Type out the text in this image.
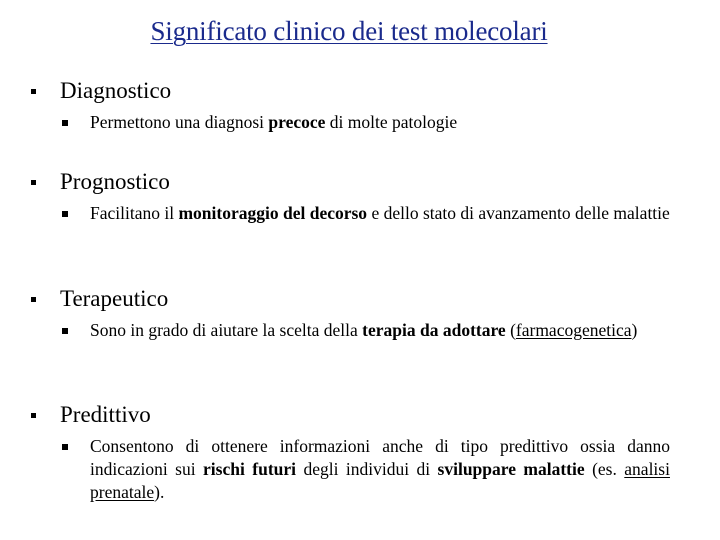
Significato clinico dei test molecolari
Diagnostico
Permettono una diagnosi precoce di molte patologie
Prognostico
Facilitano il monitoraggio del decorso e dello stato di avanzamento delle malattie
Terapeutico
Sono in grado di aiutare la scelta della terapia da adottare (farmacogenetica)
Predittivo
Consentono di ottenere informazioni anche di tipo predittivo ossia danno indicazioni sui rischi futuri degli individui di sviluppare malattie (es. analisi prenatale).
